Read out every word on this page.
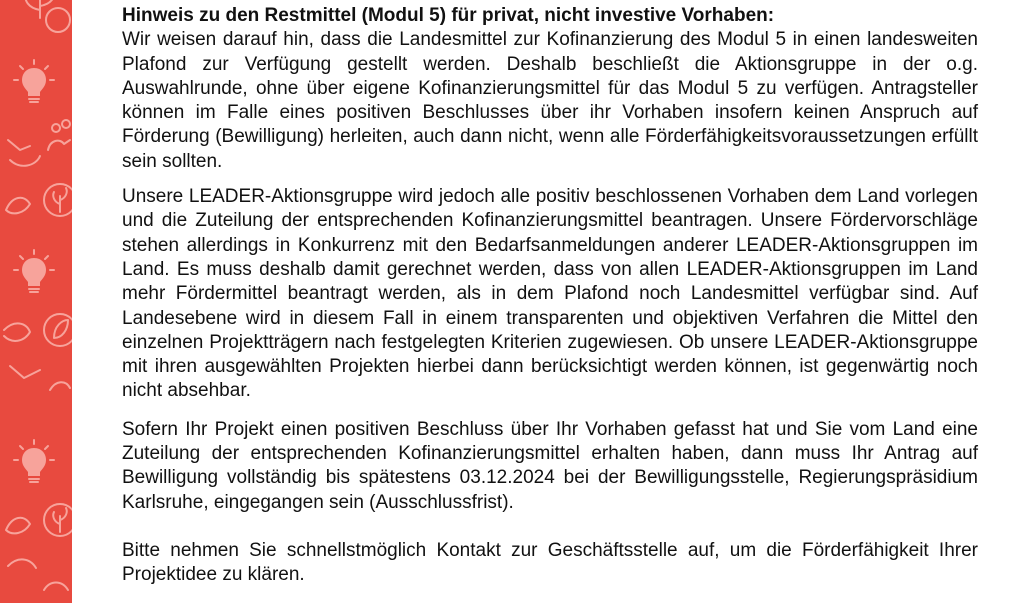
Hinweis zu den Restmittel (Modul 5) für privat, nicht investive Vorhaben:

Wir weisen darauf hin, dass die Landesmittel zur Kofinanzierung des Modul 5 in einen landesweiten Plafond zur Verfügung gestellt werden. Deshalb beschließt die Aktionsgruppe in der o.g. Auswahlrunde, ohne über eigene Kofinanzierungsmittel für das Modul 5 zu verfügen. Antragsteller können im Falle eines positiven Beschlusses über ihr Vorhaben insofern keinen Anspruch auf Förderung (Bewilligung) herleiten, auch dann nicht, wenn alle Förderfähigkeitsvoraussetzungen erfüllt sein sollten.

Unsere LEADER-Aktionsgruppe wird jedoch alle positiv beschlossenen Vorhaben dem Land vorlegen und die Zuteilung der entsprechenden Kofinanzierungsmittel beantragen. Unsere Fördervorschläge stehen allerdings in Konkurrenz mit den Bedarfsanmeldungen anderer LEADER-Aktionsgruppen im Land. Es muss deshalb damit gerechnet werden, dass von allen LEADER-Aktionsgruppen im Land mehr Fördermittel beantragt werden, als in dem Plafond noch Landesmittel verfügbar sind. Auf Landesebene wird in diesem Fall in einem transparenten und objektiven Verfahren die Mittel den einzelnen Projektträgern nach festgelegten Kriterien zugewiesen. Ob unsere LEADER-Aktionsgruppe mit ihren ausgewählten Projekten hierbei dann berücksichtigt werden können, ist gegenwärtig noch nicht absehbar.

Sofern Ihr Projekt einen positiven Beschluss über Ihr Vorhaben gefasst hat und Sie vom Land eine Zuteilung der entsprechenden Kofinanzierungsmittel erhalten haben, dann muss Ihr Antrag auf Bewilligung vollständig bis spätestens 03.12.2024 bei der Bewilligungsstelle, Regierungspräsidium Karlsruhe, eingegangen sein (Ausschlussfrist).

Bitte nehmen Sie schnellstmöglich Kontakt zur Geschäftsstelle auf, um die Förderfähigkeit Ihrer Projektidee zu klären.
